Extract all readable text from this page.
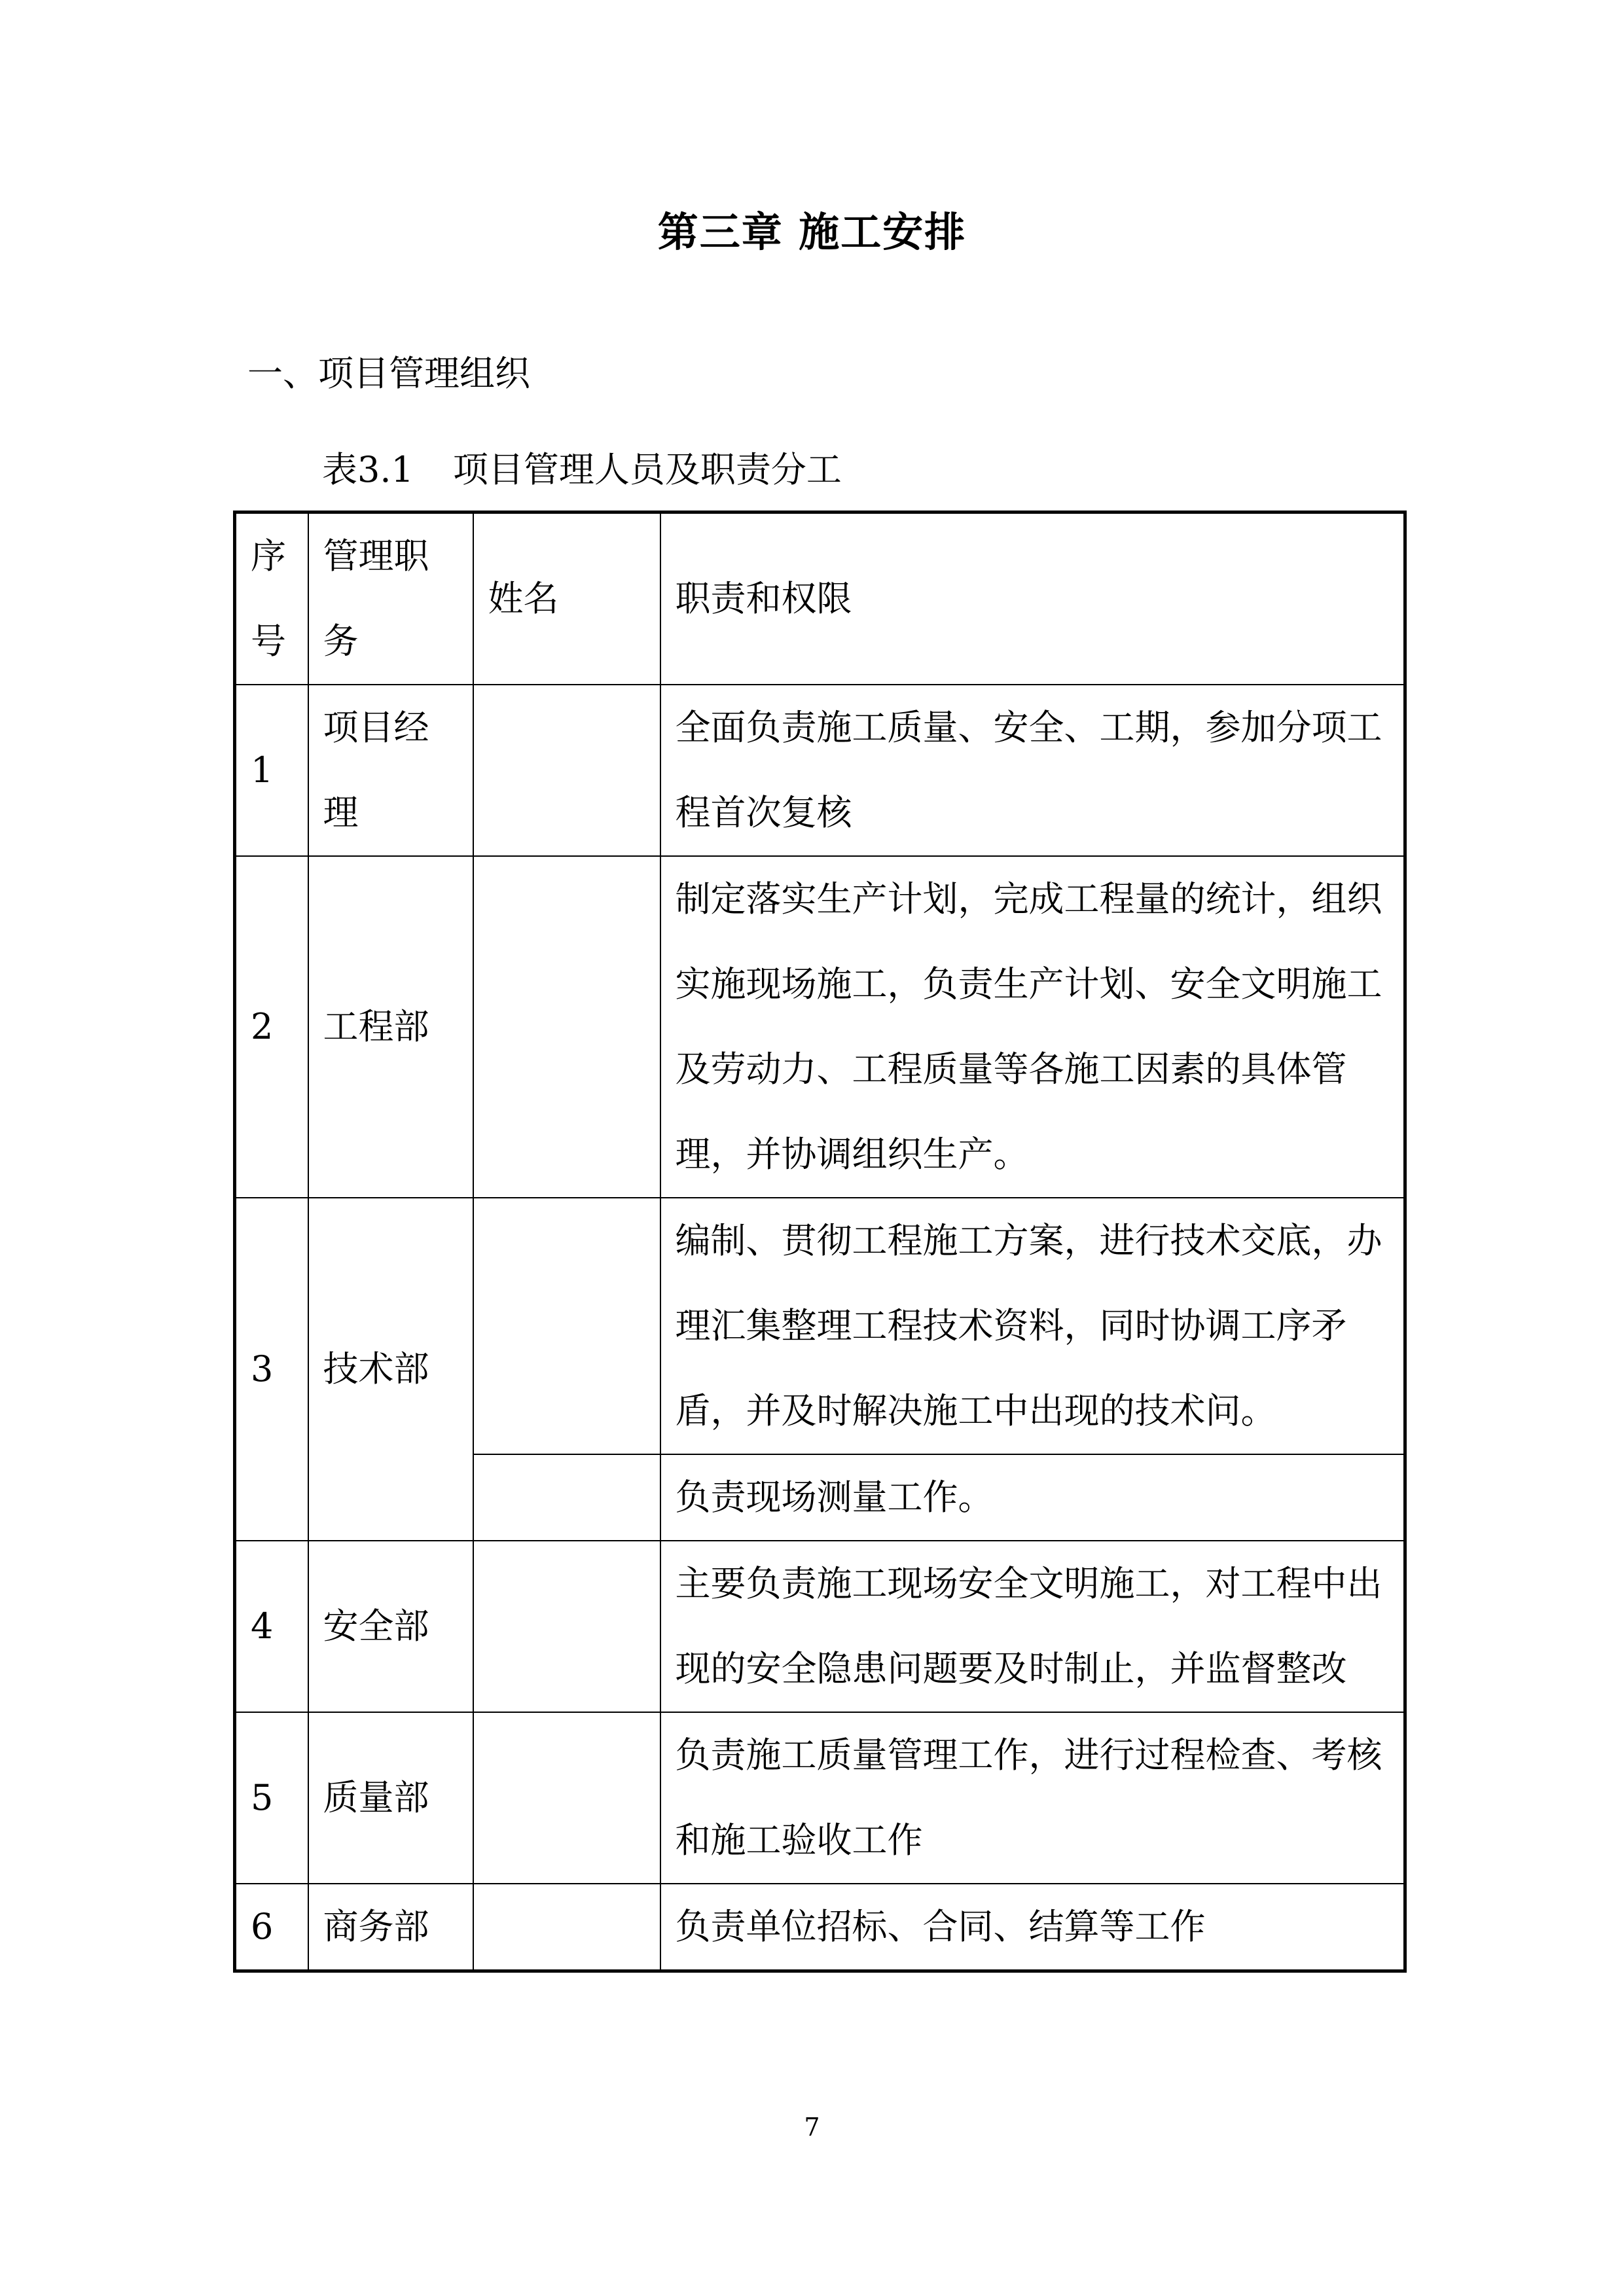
第三章 施工安排
一、项目管理组织
表3.1 项目管理人员及职责分工
序号	管理职务	姓名	职责和权限
1	项目经理		全面负责施工质量、安全、工期，参加分项工程首次复核
2	工程部		制定落实生产计划，完成工程量的统计，组织实施现场施工，负责生产计划、安全文明施工及劳动力、工程质量等各施工因素的具体管理，并协调组织生产。
3	技术部		编制、贯彻工程施工方案，进行技术交底，办理汇集整理工程技术资料，同时协调工序矛盾，并及时解决施工中出现的技术问。
			负责现场测量工作。
4	安全部		主要负责施工现场安全文明施工，对工程中出现的安全隐患问题要及时制止，并监督整改
5	质量部		负责施工质量管理工作，进行过程检查、考核和施工验收工作
6	商务部		负责单位招标、合同、结算等工作
7
